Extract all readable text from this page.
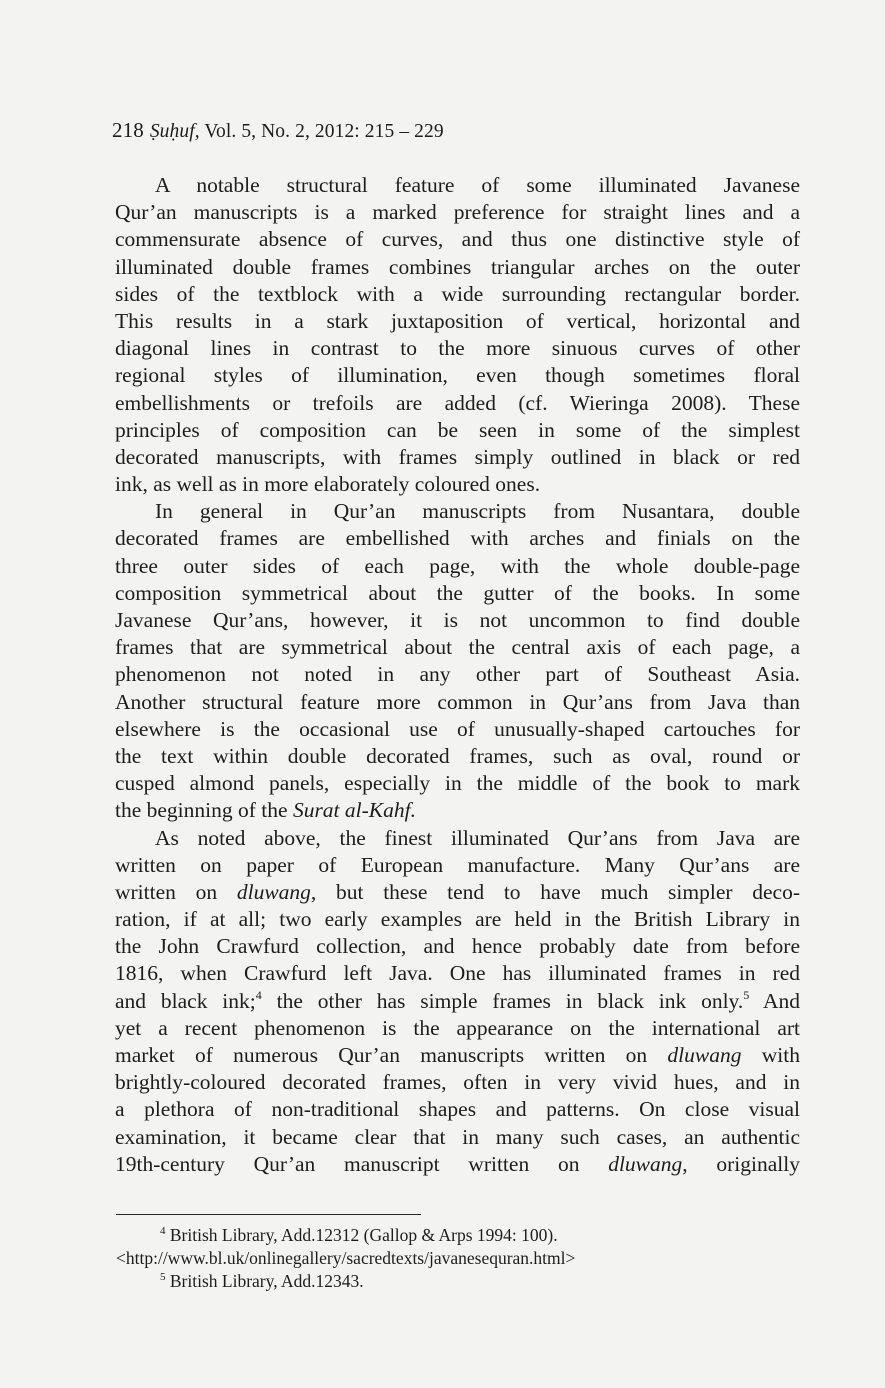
218 Ṣuḥuf, Vol. 5, No. 2, 2012: 215 – 229
A notable structural feature of some illuminated Javanese
Qur’an manuscripts is a marked preference for straight lines and a
commensurate absence of curves, and thus one distinctive style of
illuminated double frames combines triangular arches on the outer
sides of the textblock with a wide surrounding rectangular border.
This results in a stark juxtaposition of vertical, horizontal and
diagonal lines in contrast to the more sinuous curves of other
regional styles of illumination, even though sometimes floral
embellishments or trefoils are added (cf. Wieringa 2008). These
principles of composition can be seen in some of the simplest
decorated manuscripts, with frames simply outlined in black or red
ink, as well as in more elaborately coloured ones.
In general in Qur’an manuscripts from Nusantara, double
decorated frames are embellished with arches and finials on the
three outer sides of each page, with the whole double-page
composition symmetrical about the gutter of the books. In some
Javanese Qur’ans, however, it is not uncommon to find double
frames that are symmetrical about the central axis of each page, a
phenomenon not noted in any other part of Southeast Asia.
Another structural feature more common in Qur’ans from Java than
elsewhere is the occasional use of unusually-shaped cartouches for
the text within double decorated frames, such as oval, round or
cusped almond panels, especially in the middle of the book to mark
the beginning of the Surat al-Kahf.
As noted above, the finest illuminated Qur’ans from Java are
written on paper of European manufacture. Many Qur’ans are
written on dluwang, but these tend to have much simpler deco-
ration, if at all; two early examples are held in the British Library in
the John Crawfurd collection, and hence probably date from before
1816, when Crawfurd left Java. One has illuminated frames in red
and black ink;$^4$ the other has simple frames in black ink only.$^5$ And
yet a recent phenomenon is the appearance on the international art
market of numerous Qur’an manuscripts written on dluwang with
brightly-coloured decorated frames, often in very vivid hues, and in
a plethora of non-traditional shapes and patterns. On close visual
examination, it became clear that in many such cases, an authentic
19th-century Qur’an manuscript written on dluwang, originally
$^4$ British Library, Add.12312 (Gallop & Arps 1994: 100).
<http://www.bl.uk/onlinegallery/sacredtexts/javanesequran.html>
$^5$ British Library, Add.12343.
